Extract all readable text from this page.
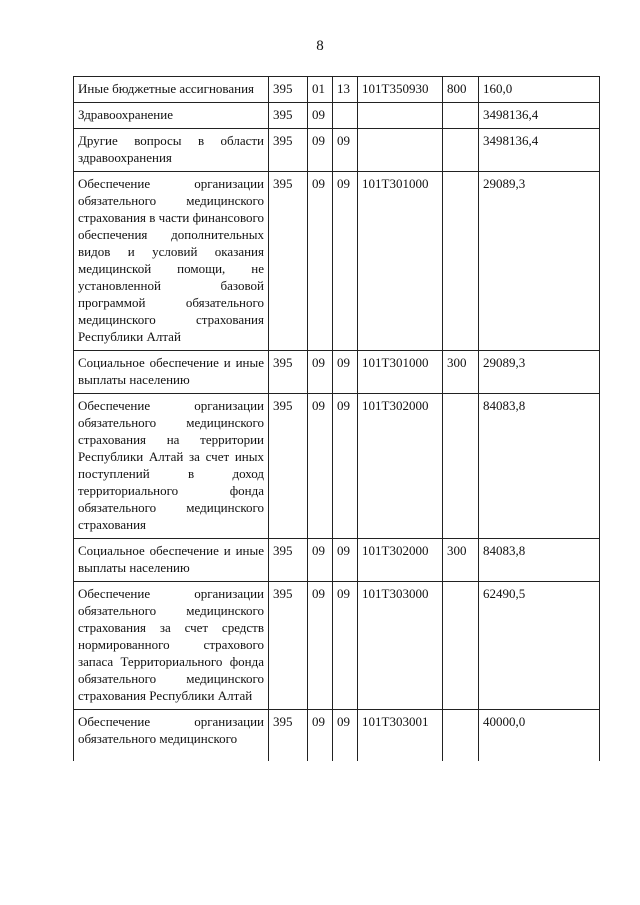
8
Иные бюджетные ассигнования	395	01	13	101Т350930	800	160,0
Здравоохранение	395	09				3498136,4
Другие вопросы в области здравоохранения	395	09	09			3498136,4
Обеспечение организации обязательного медицинского страхования в части финансового обеспечения дополнительных видов и условий оказания медицинской помощи, не установленной базовой программой обязательного медицинского страхования Республики Алтай	395	09	09	101Т301000		29089,3
Социальное обеспечение и иные выплаты населению	395	09	09	101Т301000	300	29089,3
Обеспечение организации обязательного медицинского страхования на территории Республики Алтай за счет иных поступлений в доход территориального фонда обязательного медицинского страхования	395	09	09	101Т302000		84083,8
Социальное обеспечение и иные выплаты населению	395	09	09	101Т302000	300	84083,8
Обеспечение организации обязательного медицинского страхования за счет средств нормированного страхового запаса Территориального фонда обязательного медицинского страхования Республики Алтай	395	09	09	101Т303000		62490,5
Обеспечение организации обязательного медицинского	395	09	09	101Т303001		40000,0
